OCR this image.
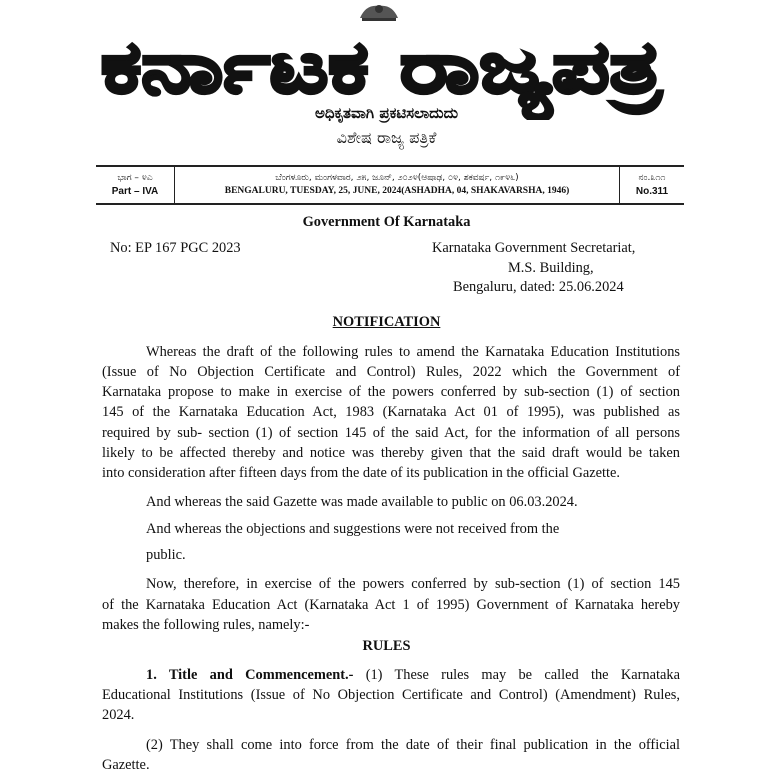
ಕರ್ನಾಟಕ ರಾಜ್ಯಪತ್ರ
ಅಧಿಕೃತವಾಗಿ ಪ್ರಕಟಿಸಲಾದುದು
ವಿಶೇಷ ರಾಜ್ಯ ಪತ್ರಿಕೆ
ಭಾಗ – ೪ಎ
Part – IVA
ಬೆಂಗಳೂರು, ಮಂಗಳವಾರ, ೨೫, ಜೂನ್, ೨೦೨೪(ಆಷಾಢ, ೦೪, ಶಕವರ್ಷ, ೧೯೪೬)
BENGALURU, TUESDAY, 25, JUNE, 2024(ASHADHA, 04, SHAKAVARSHA, 1946)
ನಂ.೩೧೧
No.311
Government Of Karnataka
No: EP 167 PGC 2023	Karnataka Government Secretariat,
M.S. Building,
Bengaluru, dated: 25.06.2024
NOTIFICATION
Whereas the draft of the following rules to amend the Karnataka Education Institutions
(Issue of No Objection Certificate and Control) Rules, 2022 which the Government of
Karnataka propose to make in exercise of the powers conferred by sub-section (1) of section
145 of the Karnataka Education Act, 1983 (Karnataka Act 01 of 1995), was published as
required by sub- section (1) of section 145 of the said Act, for the information of all persons
likely to be affected thereby and notice was thereby given that the said draft would be taken
into consideration after fifteen days from the date of its publication in the official Gazette.
And whereas the said Gazette was made available to public on 06.03.2024.
And whereas the objections and suggestions were not received from the
public.
Now, therefore, in exercise of the powers conferred by sub-section (1) of section 145
of the Karnataka Education Act (Karnataka Act 1 of 1995) Government of Karnataka hereby
makes the following rules, namely:-
RULES
1. Title and Commencement.- (1) These rules may be called the Karnataka
Educational Institutions (Issue of No Objection Certificate and Control) (Amendment) Rules,
2024.
(2) They shall come into force from the date of their final publication in the official
Gazette.
